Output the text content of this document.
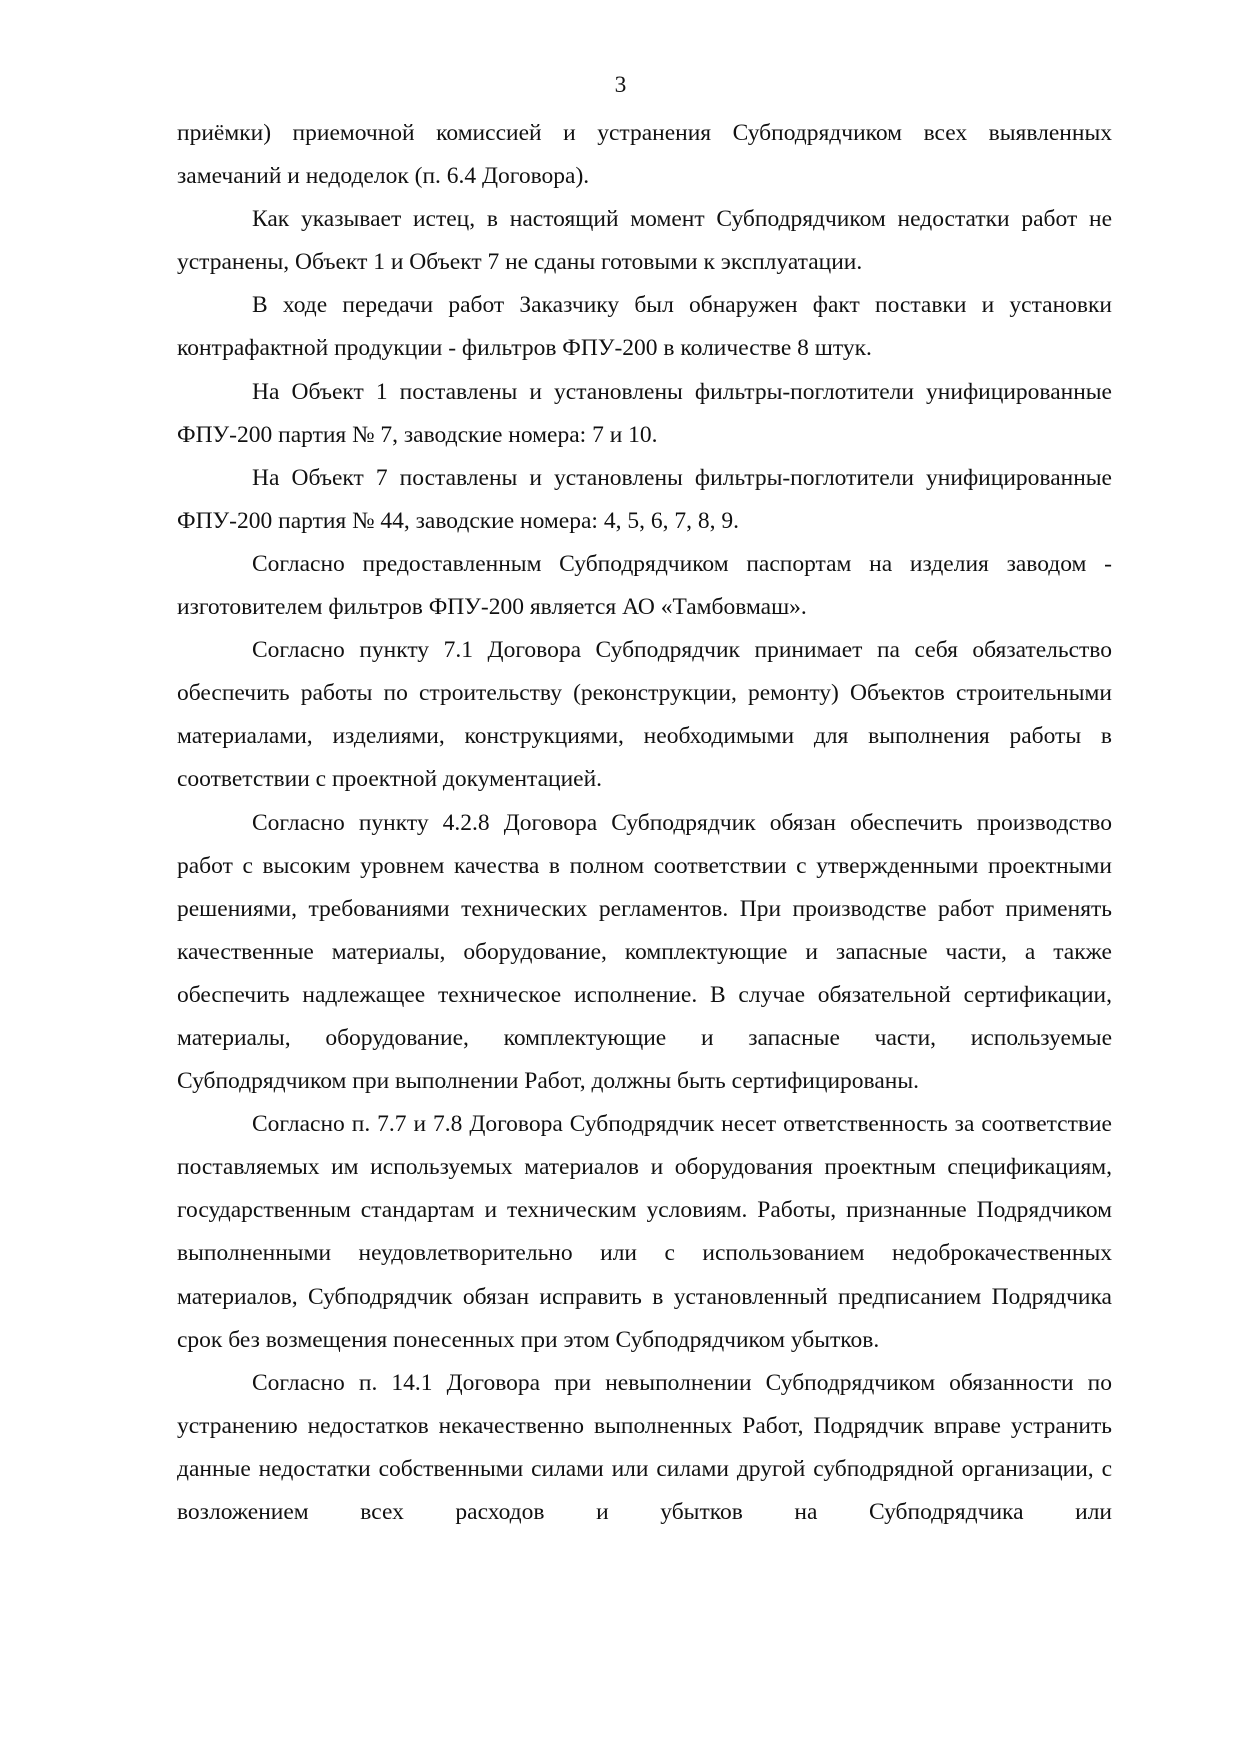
3

приёмки) приемочной комиссией и устранения Субподрядчиком всех выявленных замечаний и недоделок (п. 6.4 Договора).

Как указывает истец, в настоящий момент Субподрядчиком недостатки работ не устранены, Объект 1 и Объект 7 не сданы готовыми к эксплуатации.

В ходе передачи работ Заказчику был обнаружен факт поставки и установки контрафактной продукции - фильтров ФПУ-200 в количестве 8 штук.

На Объект 1 поставлены и установлены фильтры-поглотители унифицированные ФПУ-200 партия № 7, заводские номера: 7 и 10.

На Объект 7 поставлены и установлены фильтры-поглотители унифицированные ФПУ-200 партия № 44, заводские номера: 4, 5, 6, 7, 8, 9.

Согласно предоставленным Субподрядчиком паспортам на изделия заводом - изготовителем фильтров ФПУ-200 является АО «Тамбовмаш».

Согласно пункту 7.1 Договора Субподрядчик принимает па себя обязательство обеспечить работы по строительству (реконструкции, ремонту) Объектов строительными материалами, изделиями, конструкциями, необходимыми для выполнения работы в соответствии с проектной документацией.

Согласно пункту 4.2.8 Договора Субподрядчик обязан обеспечить производство работ с высоким уровнем качества в полном соответствии с утвержденными проектными решениями, требованиями технических регламентов. При производстве работ применять качественные материалы, оборудование, комплектующие и запасные части, а также обеспечить надлежащее техническое исполнение. В случае обязательной сертификации, материалы, оборудование, комплектующие и запасные части, используемые Субподрядчиком при выполнении Работ, должны быть сертифицированы.

Согласно п. 7.7 и 7.8 Договора Субподрядчик несет ответственность за соответствие поставляемых им используемых материалов и оборудования проектным спецификациям, государственным стандартам и техническим условиям. Работы, признанные Подрядчиком выполненными неудовлетворительно или с использованием недоброкачественных материалов, Субподрядчик обязан исправить в установленный предписанием Подрядчика срок без возмещения понесенных при этом Субподрядчиком убытков.

Согласно п. 14.1 Договора при невыполнении Субподрядчиком обязанности по устранению недостатков некачественно выполненных Работ, Подрядчик вправе устранить данные недостатки собственными силами или силами другой субподрядной организации, с возложением всех расходов и убытков на Субподрядчика или
